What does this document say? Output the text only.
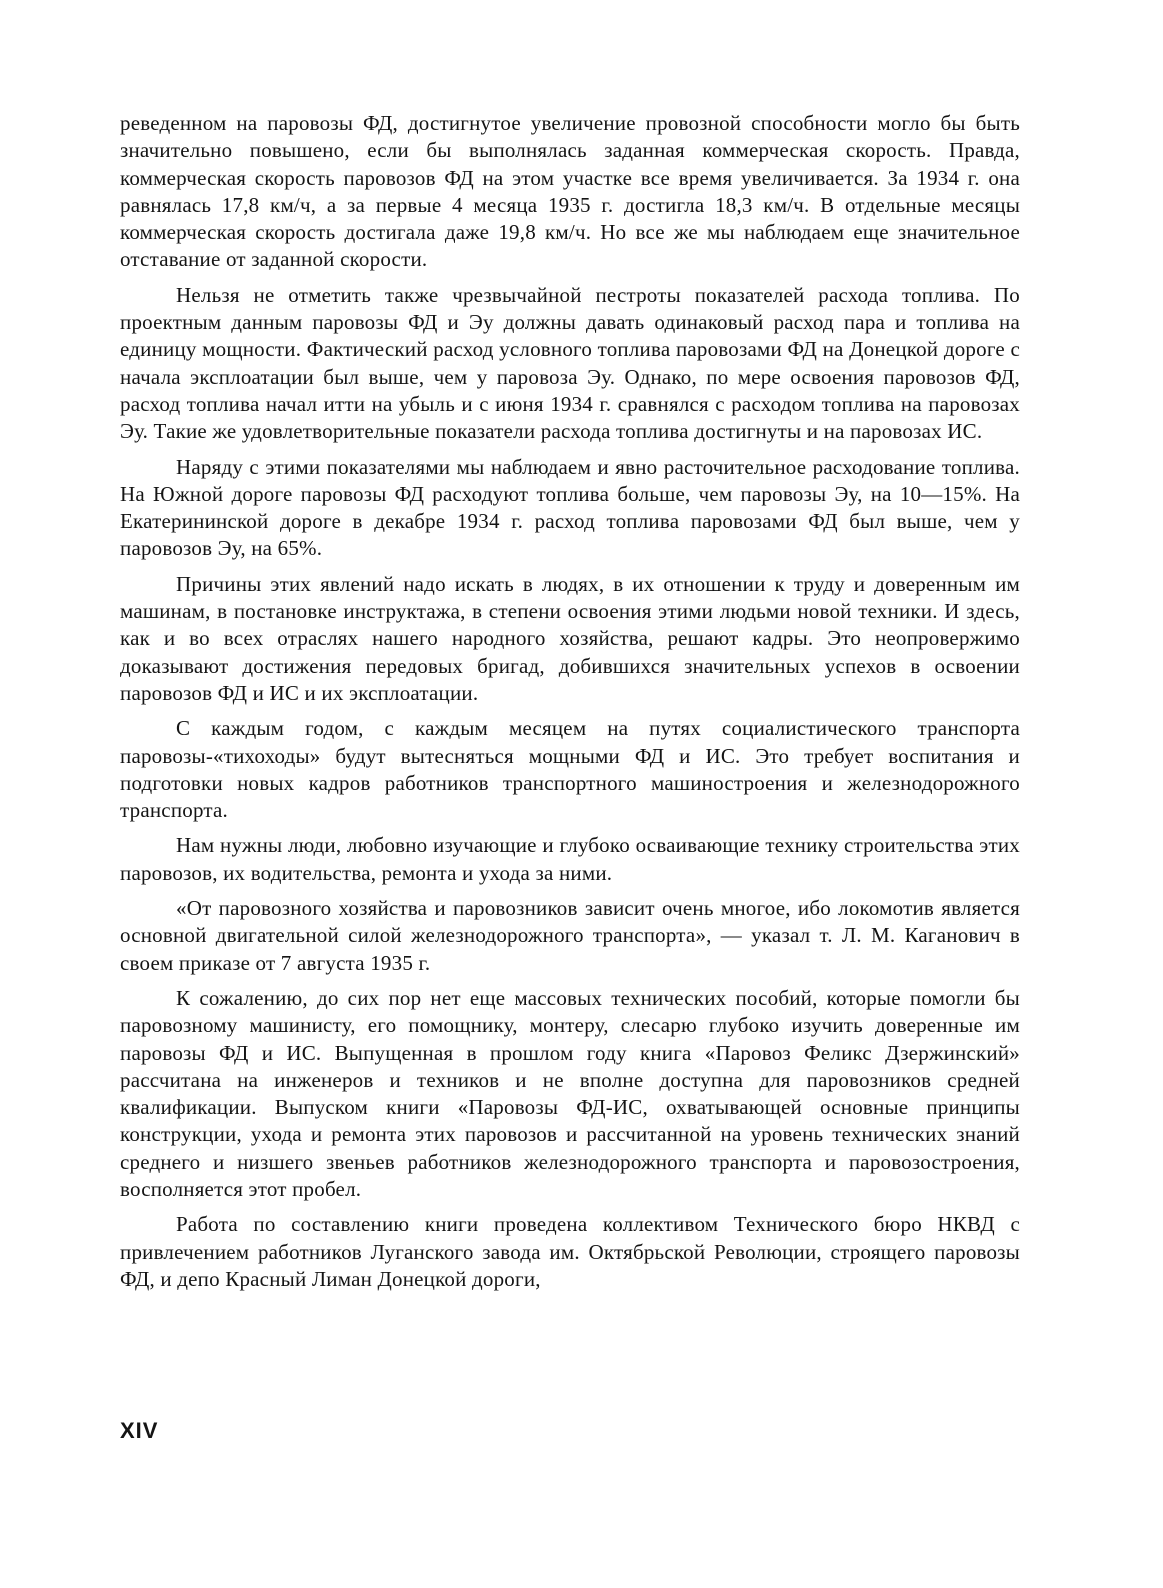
реведенном на паровозы ФД, достигнутое увеличение провозной способности могло бы быть значительно повышено, если бы выполнялась заданная коммерческая скорость. Правда, коммерческая скорость паровозов ФД на этом участке все время увеличивается. За 1934 г. она равнялась 17,8 км/ч, а за первые 4 месяца 1935 г. достигла 18,3 км/ч. В отдельные месяцы коммерческая скорость достигала даже 19,8 км/ч. Но все же мы наблюдаем еще значительное отставание от заданной скорости.

Нельзя не отметить также чрезвычайной пестроты показателей расхода топлива. По проектным данным паровозы ФД и Эу должны давать одинаковый расход пара и топлива на единицу мощности. Фактический расход условного топлива паровозами ФД на Донецкой дороге с начала эксплоатации был выше, чем у паровоза Эу. Однако, по мере освоения паровозов ФД, расход топлива начал итти на убыль и с июня 1934 г. сравнялся с расходом топлива на паровозах Эу. Такие же удовлетворительные показатели расхода топлива достигнуты и на паровозах ИС.

Наряду с этими показателями мы наблюдаем и явно расточительное расходование топлива. На Южной дороге паровозы ФД расходуют топлива больше, чем паровозы Эу, на 10—15%. На Екатерининской дороге в декабре 1934 г. расход топлива паровозами ФД был выше, чем у паровозов Эу, на 65%.

Причины этих явлений надо искать в людях, в их отношении к труду и доверенным им машинам, в постановке инструктажа, в степени освоения этими людьми новой техники. И здесь, как и во всех отраслях нашего народного хозяйства, решают кадры. Это неопровержимо доказывают достижения передовых бригад, добившихся значительных успехов в освоении паровозов ФД и ИС и их эксплоатации.

С каждым годом, с каждым месяцем на путях социалистического транспорта паровозы-«тихоходы» будут вытесняться мощными ФД и ИС. Это требует воспитания и подготовки новых кадров работников транспортного машиностроения и железнодорожного транспорта.

Нам нужны люди, любовно изучающие и глубоко осваивающие технику строительства этих паровозов, их водительства, ремонта и ухода за ними.

«От паровозного хозяйства и паровозников зависит очень многое, ибо локомотив является основной двигательной силой железнодорожного транспорта», — указал т. Л. М. Каганович в своем приказе от 7 августа 1935 г.

К сожалению, до сих пор нет еще массовых технических пособий, которые помогли бы паровозному машинисту, его помощнику, монтеру, слесарю глубоко изучить доверенные им паровозы ФД и ИС. Выпущенная в прошлом году книга «Паровоз Феликс Дзержинский» рассчитана на инженеров и техников и не вполне доступна для паровозников средней квалификации. Выпуском книги «Паровозы ФД-ИС, охватывающей основные принципы конструкции, ухода и ремонта этих паровозов и рассчитанной на уровень технических знаний среднего и низшего звеньев работников железнодорожного транспорта и паровозостроения, восполняется этот пробел.

Работа по составлению книги проведена коллективом Технического бюро НКВД с привлечением работников Луганского завода им. Октябрьской Революции, строящего паровозы ФД, и депо Красный Лиман Донецкой дороги,

XIV
